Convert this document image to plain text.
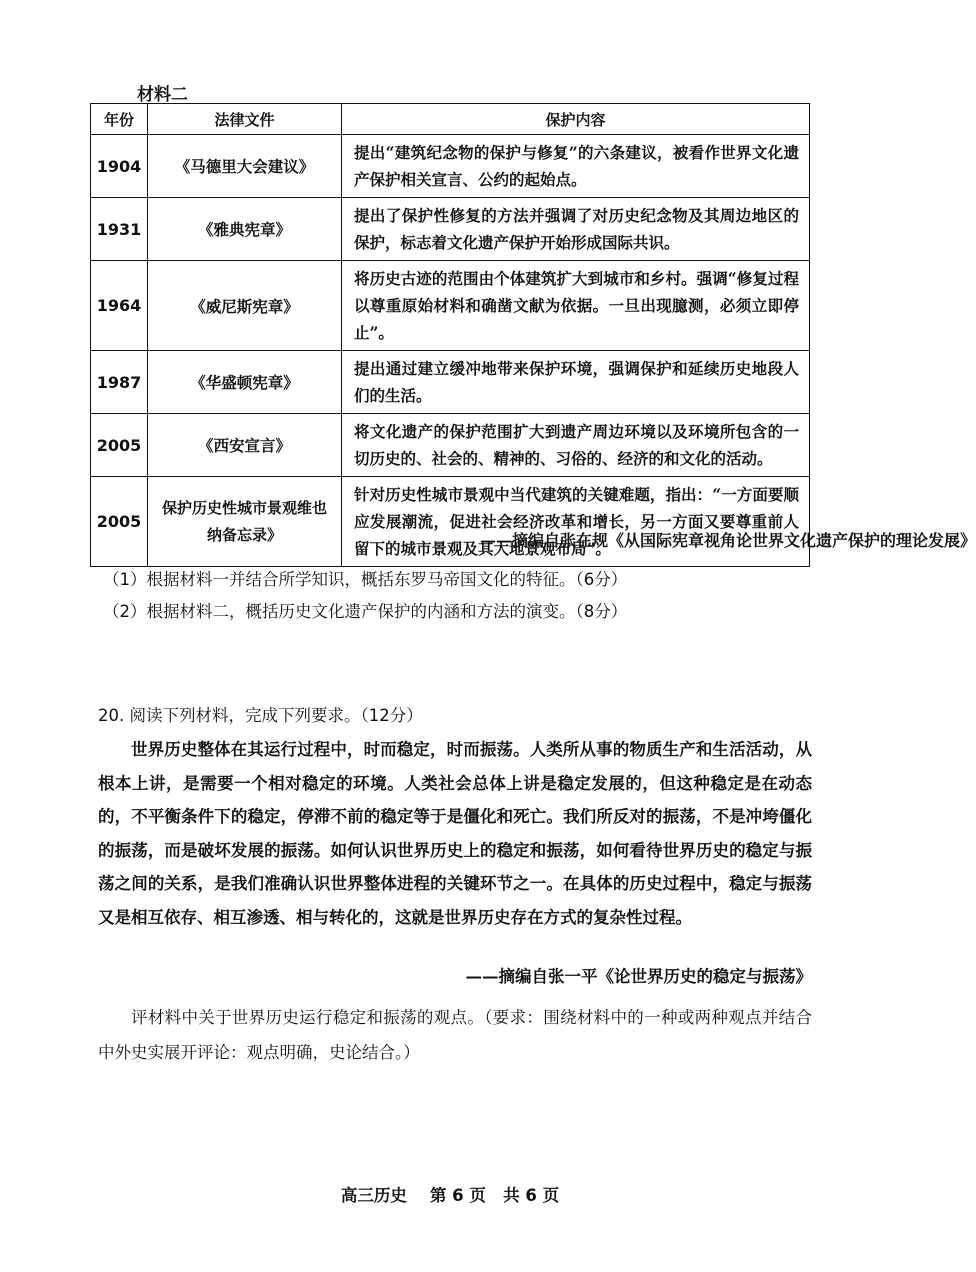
材料二
年份	法律文件	保护内容
1904	《马德里大会建议》	提出“建筑纪念物的保护与修复”的六条建议，被看作世界文化遗产保护相关宣言、公约的起始点。
1931	《雅典宪章》	提出了保护性修复的方法并强调了对历史纪念物及其周边地区的保护，标志着文化遗产保护开始形成国际共识。
1964	《威尼斯宪章》	将历史古迹的范围由个体建筑扩大到城市和乡村。强调“修复过程以尊重原始材料和确凿文献为依据。一旦出现臆测，必须立即停止”。
1987	《华盛顿宪章》	提出通过建立缓冲地带来保护环境，强调保护和延续历史地段人们的生活。
2005	《西安宣言》	将文化遗产的保护范围扩大到遗产周边环境以及环境所包含的一切历史的、社会的、精神的、习俗的、经济的和文化的活动。
2005	保护历史性城市景观维也纳备忘录》	针对历史性城市景观中当代建筑的关键难题，指出：“一方面要顺应发展潮流，促进社会经济改革和增长，另一方面又要尊重前人留下的城市景观及其大地景观布局”。
——摘编自张在规《从国际宪章视角论世界文化遗产保护的理论发展》
（1）根据材料一并结合所学知识，概括东罗马帝国文化的特征。（6分）
（2）根据材料二，概括历史文化遗产保护的内涵和方法的演变。（8分）
20. 阅读下列材料，完成下列要求。（12分）

世界历史整体在其运行过程中，时而稳定，时而振荡。人类所从事的物质生产和生活活动，从根本上讲，是需要一个相对稳定的环境。人类社会总体上讲是稳定发展的，但这种稳定是在动态的，不平衡条件下的稳定，停滞不前的稳定等于是僵化和死亡。我们所反对的振荡，不是冲垮僵化的振荡，而是破坏发展的振荡。如何认识世界历史上的稳定和振荡，如何看待世界历史的稳定与振荡之间的关系，是我们准确认识世界整体进程的关键环节之一。在具体的历史过程中，稳定与振荡又是相互依存、相互渗透、相与转化的，这就是世界历史存在方式的复杂性过程。

——摘编自张一平《论世界历史的稳定与振荡》

评材料中关于世界历史运行稳定和振荡的观点。（要求：围绕材料中的一种或两种观点并结合中外史实展开评论：观点明确，史论结合。）

高三历史    第 6 页   共 6 页
